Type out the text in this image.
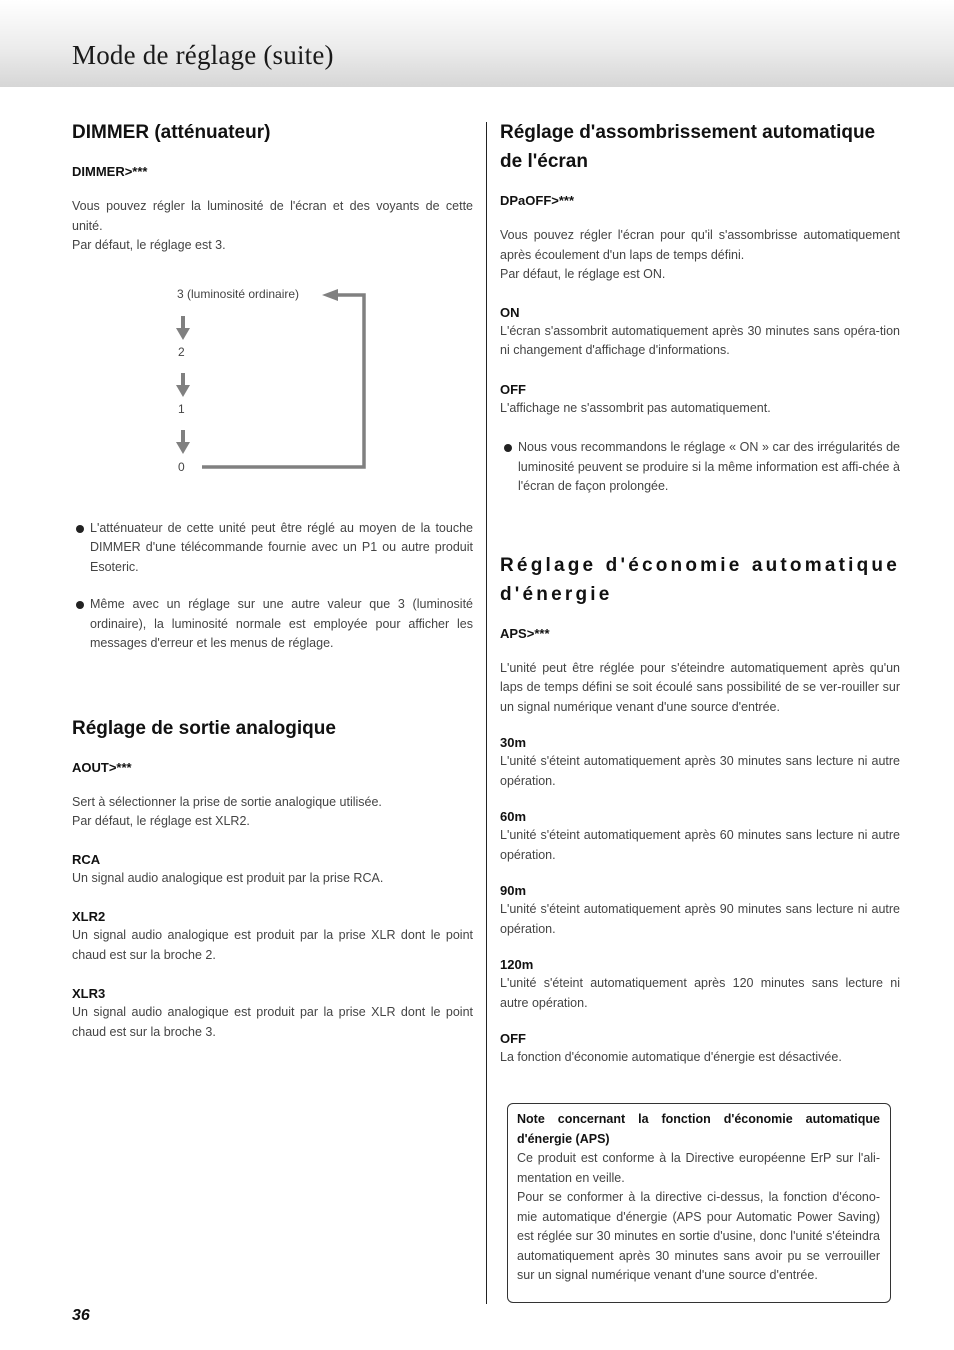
Mode de réglage (suite)
DIMMER (atténuateur)
DIMMER>***

Vous pouvez régler la luminosité de l'écran et des voyants de cette unité.

Par défaut, le réglage est 3.

3 (luminosité ordinaire)
2
1
0
L'atténuateur de cette unité peut être réglé au moyen de la touche DIMMER d'une télécommande fournie avec un P1 ou autre produit Esoteric.
Même avec un réglage sur une autre valeur que 3 (luminosité ordinaire), la luminosité normale est employée pour afficher les messages d'erreur et les menus de réglage.
Réglage de sortie analogique
AOUT>***

Sert à sélectionner la prise de sortie analogique utilisée.

Par défaut, le réglage est XLR2.

RCA

Un signal audio analogique est produit par la prise RCA.

XLR2

Un signal audio analogique est produit par la prise XLR dont le point chaud est sur la broche 2.

XLR3

Un signal audio analogique est produit par la prise XLR dont le point chaud est sur la broche 3.

Réglage d'assombrissement automatique de l'écran
DPaOFF>***

Vous pouvez régler l'écran pour qu'il s'assombrisse automatiquement après écoulement d'un laps de temps défini.

Par défaut, le réglage est ON.

ON

L'écran s'assombrit automatiquement après 30 minutes sans opéra-tion ni changement d'affichage d'informations.

OFF

L'affichage ne s'assombrit pas automatiquement.

Nous vous recommandons le réglage « ON » car des irrégularités de luminosité peuvent se produire si la même information est affi-chée à l'écran de façon prolongée.
Réglage d'économie automatique d'énergie
APS>***

L'unité peut être réglée pour s'éteindre automatiquement après qu'un laps de temps défini se soit écoulé sans possibilité de se ver-rouiller sur un signal numérique venant d'une source d'entrée.

30m

L'unité s'éteint automatiquement après 30 minutes sans lecture ni autre opération.

60m

L'unité s'éteint automatiquement après 60 minutes sans lecture ni autre opération.

90m

L'unité s'éteint automatiquement après 90 minutes sans lecture ni autre opération.

120m

L'unité s'éteint automatiquement après 120 minutes sans lecture ni autre opération.

OFF

La fonction d'économie automatique d'énergie est désactivée.

Note concernant la fonction d'économie automatique d'énergie (APS)

Ce produit est conforme à la Directive européenne ErP sur l'ali-mentation en veille.

Pour se conformer à la directive ci-dessus, la fonction d'écono-mie automatique d'énergie (APS pour Automatic Power Saving) est réglée sur 30 minutes en sortie d'usine, donc l'unité s'éteindra automatiquement après 30 minutes sans avoir pu se verrouiller sur un signal numérique venant d'une source d'entrée.

36
